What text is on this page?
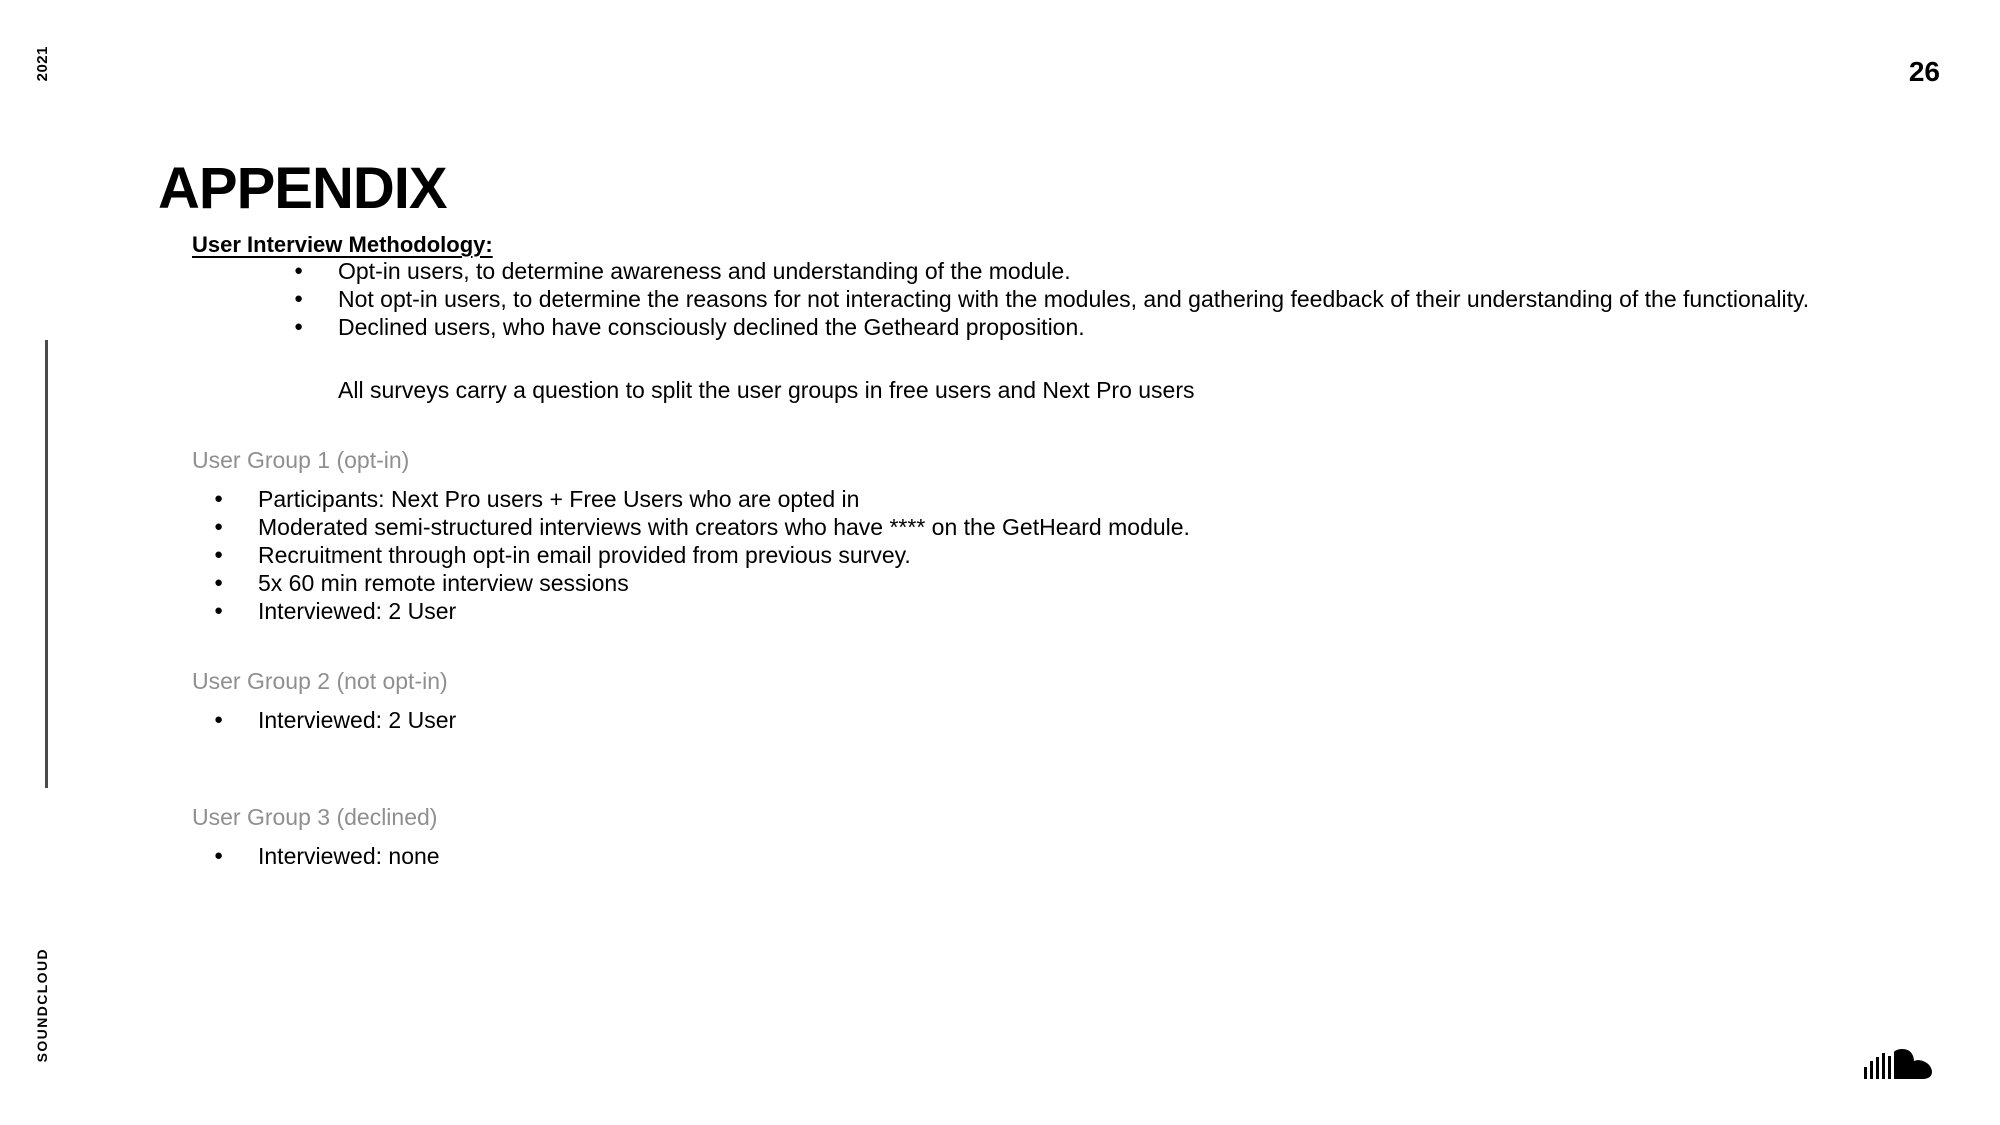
2021
SOUNDCLOUD
26
APPENDIX
User Interview Methodology:
● Opt-in users, to determine awareness and understanding of the module.
● Not opt-in users, to determine the reasons for not interacting with the modules, and gathering feedback of their understanding of the functionality.
● Declined users, who have consciously declined the Getheard proposition.
All surveys carry a question to split the user groups in free users and Next Pro users
User Group 1 (opt-in)
● Participants: Next Pro users + Free Users who are opted in
● Moderated semi-structured interviews with creators who have **** on the GetHeard module.
● Recruitment through opt-in email provided from previous survey.
● 5x 60 min remote interview sessions
● Interviewed: 2 User
User Group 2 (not opt-in)
● Interviewed: 2 User
User Group 3 (declined)
● Interviewed: none
